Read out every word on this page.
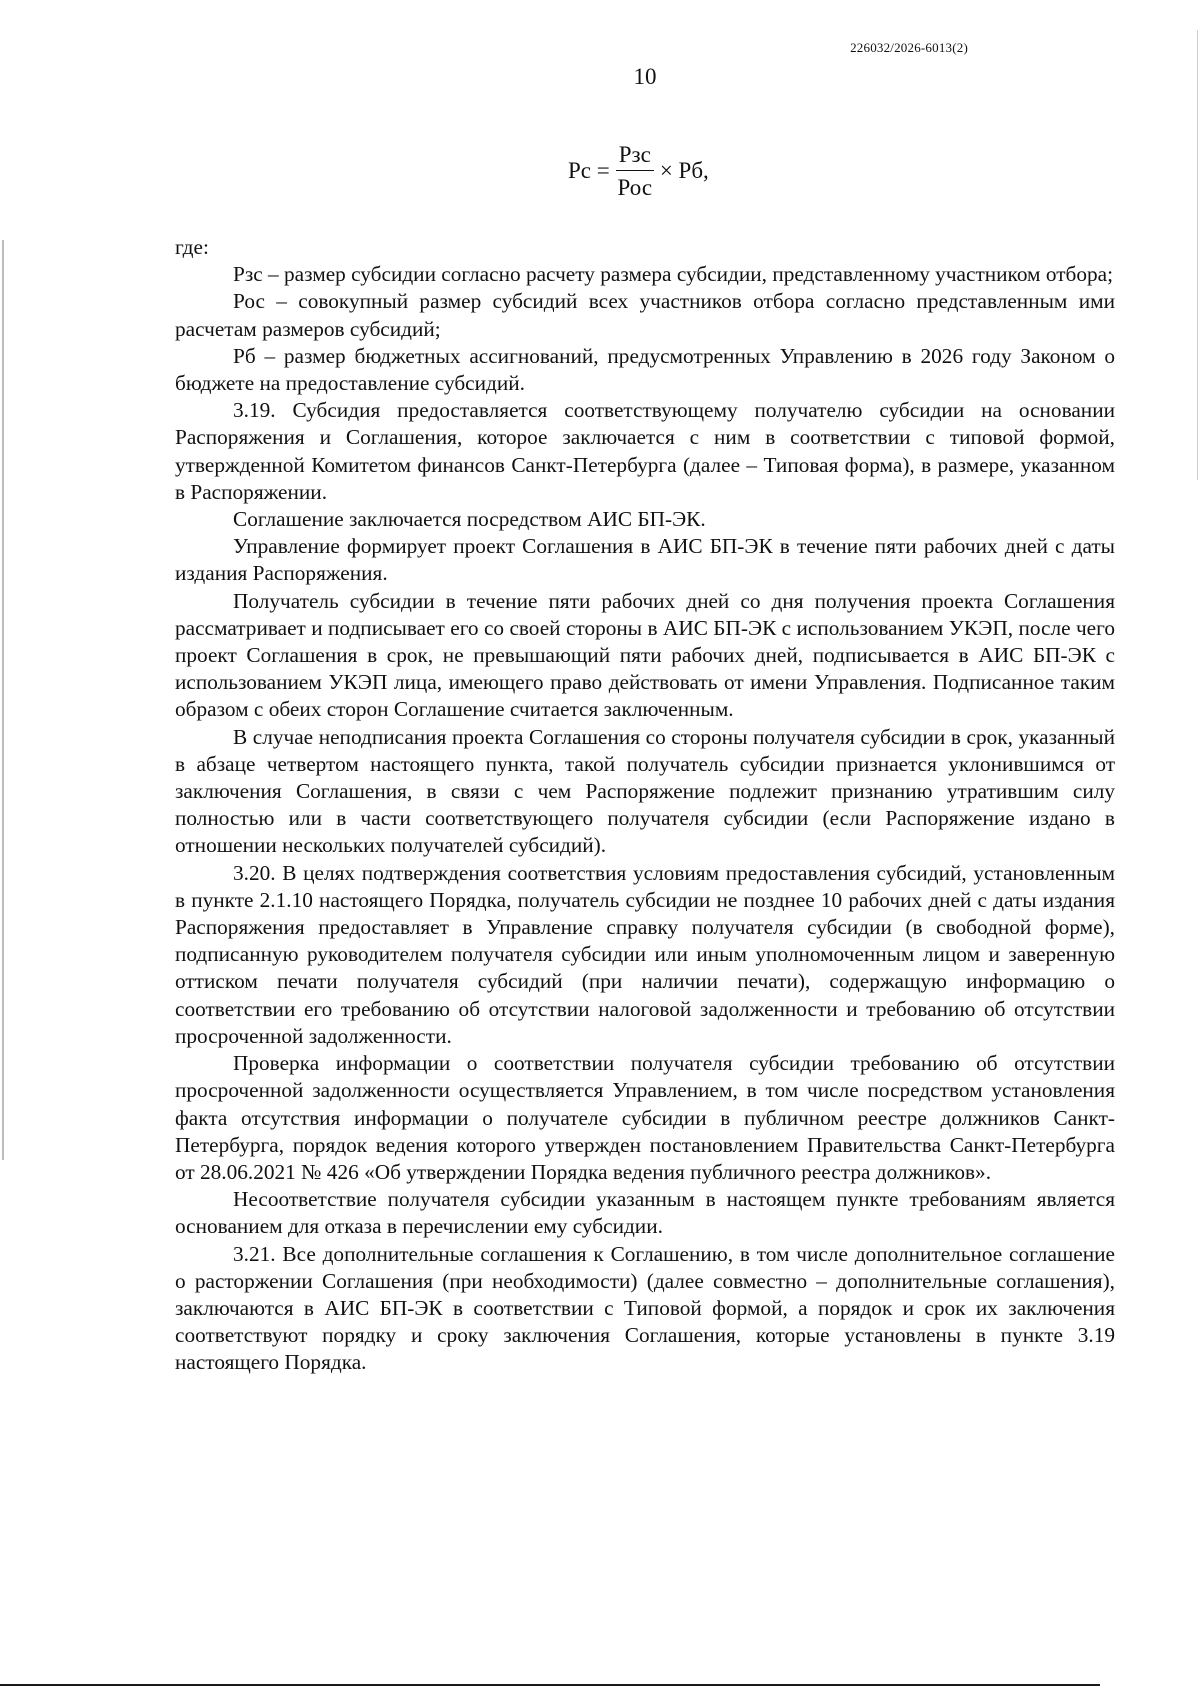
226032/2026-6013(2)
10
Рс = $\frac{\text{Рзс}}{\text{Рос}}$ × Рб,

где:

Рзс – размер субсидии согласно расчету размера субсидии, представленному участником отбора;

Рос – совокупный размер субсидий всех участников отбора согласно представленным ими расчетам размеров субсидий;

Рб – размер бюджетных ассигнований, предусмотренных Управлению в 2026 году Законом о бюджете на предоставление субсидий.

3.19. Субсидия предоставляется соответствующему получателю субсидии на основании Распоряжения и Соглашения, которое заключается с ним в соответствии с типовой формой, утвержденной Комитетом финансов Санкт-Петербурга (далее – Типовая форма), в размере, указанном в Распоряжении.

Соглашение заключается посредством АИС БП-ЭК.

Управление формирует проект Соглашения в АИС БП-ЭК в течение пяти рабочих дней с даты издания Распоряжения.

Получатель субсидии в течение пяти рабочих дней со дня получения проекта Соглашения рассматривает и подписывает его со своей стороны в АИС БП-ЭК с использованием УКЭП, после чего проект Соглашения в срок, не превышающий пяти рабочих дней, подписывается в АИС БП-ЭК с использованием УКЭП лица, имеющего право действовать от имени Управления. Подписанное таким образом с обеих сторон Соглашение считается заключенным.

В случае неподписания проекта Соглашения со стороны получателя субсидии в срок, указанный в абзаце четвертом настоящего пункта, такой получатель субсидии признается уклонившимся от заключения Соглашения, в связи с чем Распоряжение подлежит признанию утратившим силу полностью или в части соответствующего получателя субсидии (если Распоряжение издано в отношении нескольких получателей субсидий).

3.20. В целях подтверждения соответствия условиям предоставления субсидий, установленным в пункте 2.1.10 настоящего Порядка, получатель субсидии не позднее 10 рабочих дней с даты издания Распоряжения предоставляет в Управление справку получателя субсидии (в свободной форме), подписанную руководителем получателя субсидии или иным уполномоченным лицом и заверенную оттиском печати получателя субсидий (при наличии печати), содержащую информацию о соответствии его требованию об отсутствии налоговой задолженности и требованию об отсутствии просроченной задолженности.

Проверка информации о соответствии получателя субсидии требованию об отсутствии просроченной задолженности осуществляется Управлением, в том числе посредством установления факта отсутствия информации о получателе субсидии в публичном реестре должников Санкт-Петербурга, порядок ведения которого утвержден постановлением Правительства Санкт-Петербурга от 28.06.2021 № 426 «Об утверждении Порядка ведения публичного реестра должников».

Несоответствие получателя субсидии указанным в настоящем пункте требованиям является основанием для отказа в перечислении ему субсидии.

3.21. Все дополнительные соглашения к Соглашению, в том числе дополнительное соглашение о расторжении Соглашения (при необходимости) (далее совместно – дополнительные соглашения), заключаются в АИС БП-ЭК в соответствии с Типовой формой, а порядок и срок их заключения соответствуют порядку и сроку заключения Соглашения, которые установлены в пункте 3.19 настоящего Порядка.
